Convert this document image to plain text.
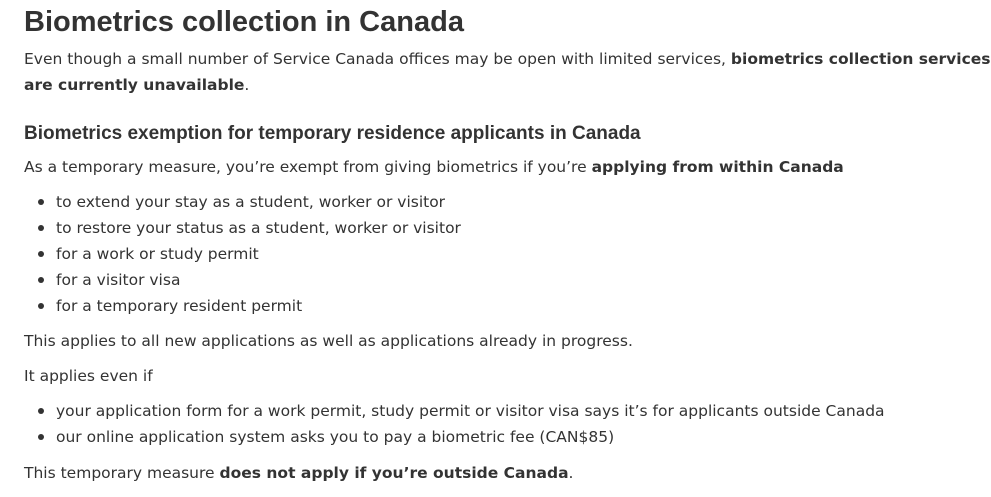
Biometrics collection in Canada
Even though a small number of Service Canada offices may be open with limited services, biometrics collection services
are currently unavailable.
Biometrics exemption for temporary residence applicants in Canada
As a temporary measure, you’re exempt from giving biometrics if you’re applying from within Canada
to extend your stay as a student, worker or visitor
to restore your status as a student, worker or visitor
for a work or study permit
for a visitor visa
for a temporary resident permit
This applies to all new applications as well as applications already in progress.
It applies even if
your application form for a work permit, study permit or visitor visa says it’s for applicants outside Canada
our online application system asks you to pay a biometric fee (CAN$85)
This temporary measure does not apply if you’re outside Canada.
